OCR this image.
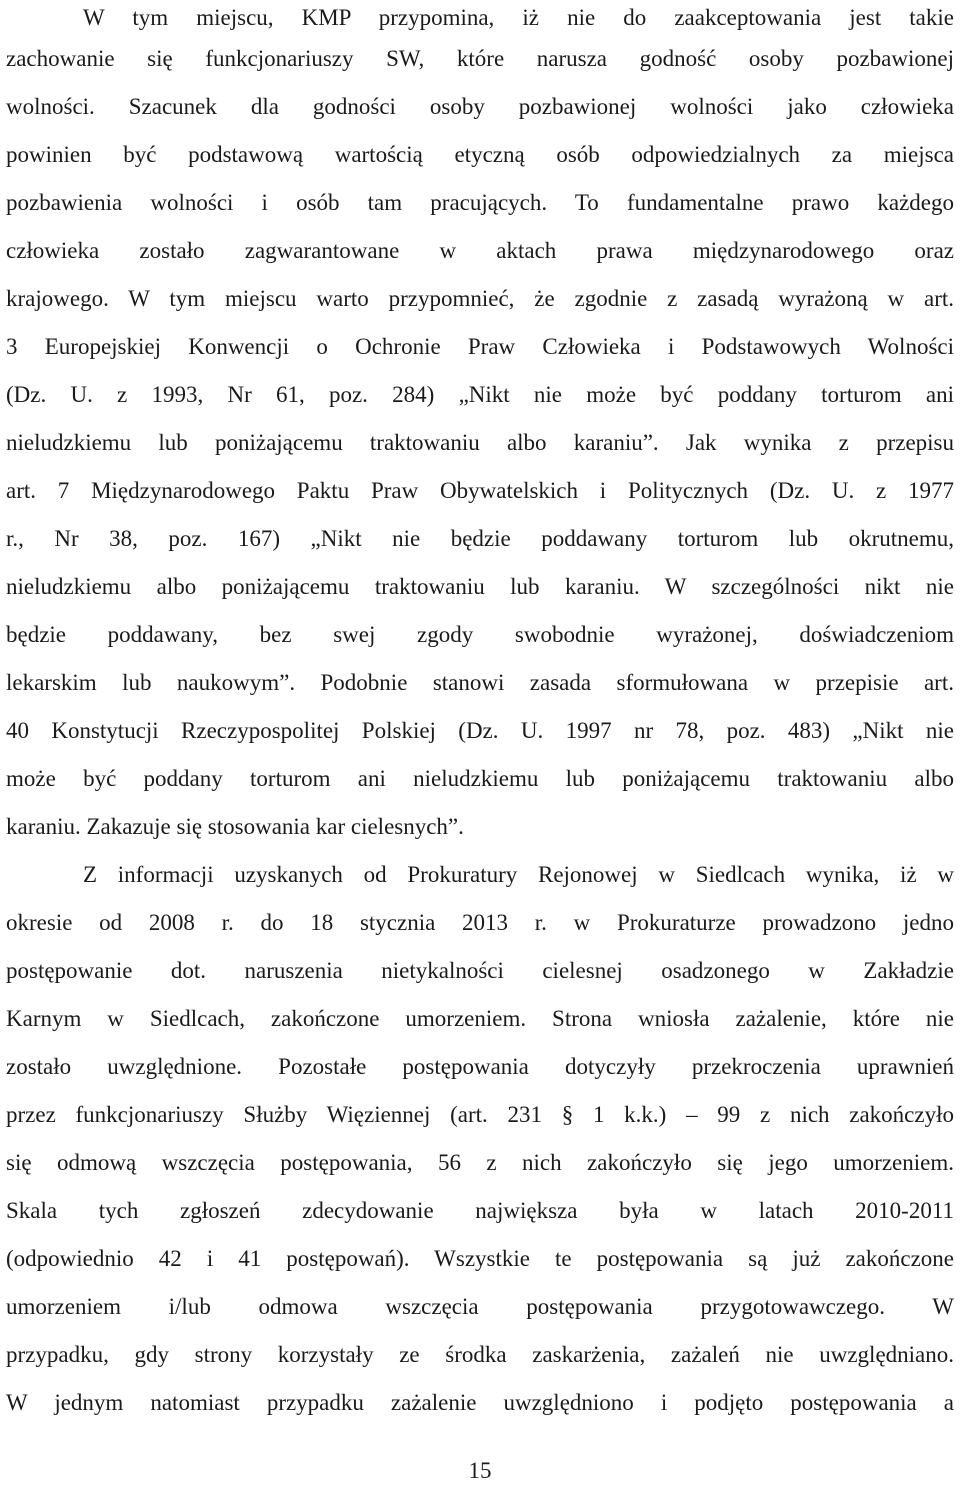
W tym miejscu, KMP przypomina, iż nie do zaakceptowania jest takie
zachowanie się funkcjonariuszy SW, które narusza godność osoby pozbawionej
wolności. Szacunek dla godności osoby pozbawionej wolności jako człowieka
powinien być podstawową wartością etyczną osób odpowiedzialnych za miejsca
pozbawienia wolności i osób tam pracujących. To fundamentalne prawo każdego
człowieka zostało zagwarantowane w aktach prawa międzynarodowego oraz
krajowego. W tym miejscu warto przypomnieć, że zgodnie z zasadą wyrażoną w art.
3 Europejskiej Konwencji o Ochronie Praw Człowieka i Podstawowych Wolności
(Dz. U. z 1993, Nr 61, poz. 284) „Nikt nie może być poddany torturom ani
nieludzkiemu lub poniżającemu traktowaniu albo karaniu”. Jak wynika z przepisu
art. 7 Międzynarodowego Paktu Praw Obywatelskich i Politycznych (Dz. U. z 1977
r., Nr 38, poz. 167) „Nikt nie będzie poddawany torturom lub okrutnemu,
nieludzkiemu albo poniżającemu traktowaniu lub karaniu. W szczególności nikt nie
będzie poddawany, bez swej zgody swobodnie wyrażonej, doświadczeniom
lekarskim lub naukowym”. Podobnie stanowi zasada sformułowana w przepisie art.
40 Konstytucji Rzeczypospolitej Polskiej (Dz. U. 1997 nr 78, poz. 483) „Nikt nie
może być poddany torturom ani nieludzkiemu lub poniżającemu traktowaniu albo
karaniu. Zakazuje się stosowania kar cielesnych”.
Z informacji uzyskanych od Prokuratury Rejonowej w Siedlcach wynika, iż w
okresie od 2008 r. do 18 stycznia 2013 r. w Prokuraturze prowadzono jedno
postępowanie dot. naruszenia nietykalności cielesnej osadzonego w Zakładzie
Karnym w Siedlcach, zakończone umorzeniem. Strona wniosła zażalenie, które nie
zostało uwzględnione. Pozostałe postępowania dotyczyły przekroczenia uprawnień
przez funkcjonariuszy Służby Więziennej (art. 231 § 1 k.k.) – 99 z nich zakończyło
się odmową wszczęcia postępowania, 56 z nich zakończyło się jego umorzeniem.
Skala tych zgłoszeń zdecydowanie największa była w latach 2010-2011
(odpowiednio 42 i 41 postępowań). Wszystkie te postępowania są już zakończone
umorzeniem i/lub odmowa wszczęcia postępowania przygotowawczego. W
przypadku, gdy strony korzystały ze środka zaskarżenia, zażaleń nie uwzględniano.
W jednym natomiast przypadku zażalenie uwzględniono i podjęto postępowania a
15
